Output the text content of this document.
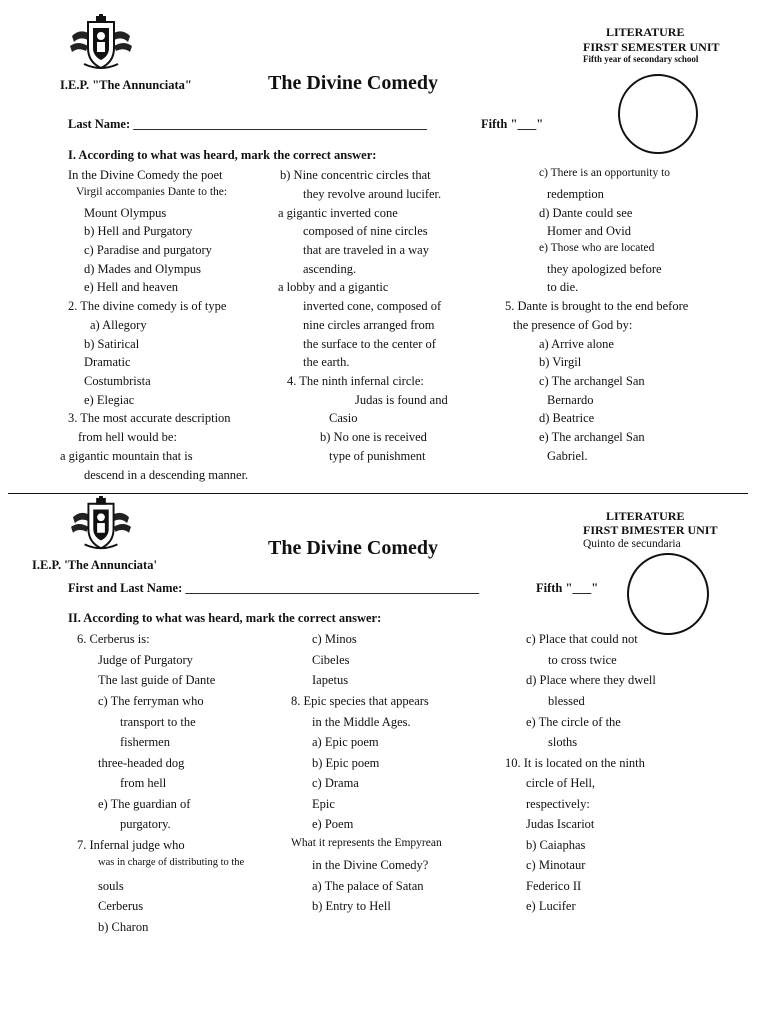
LITERATURE
FIRST SEMESTER UNIT
Fifth year of secondary school
I.E.P. "The Annunciata"	The Divine Comedy
Last Name: _______________________________________________	Fifth "___"
I. According to what was heard, mark the correct answer:
In the Divine Comedy the poet
Virgil accompanies Dante to the:
Mount Olympus
b) Hell and Purgatory
c) Paradise and purgatory
d) Mades and Olympus
e) Hell and heaven
2. The divine comedy is of type
a) Allegory
b) Satirical
Dramatic
Costumbrista
e) Elegiac
3. The most accurate description
from hell would be:
a gigantic mountain that is
descend in a descending manner.
b) Nine concentric circles that
they revolve around lucifer.
a gigantic inverted cone
composed of nine circles
that are traveled in a way
ascending.
a lobby and a gigantic
inverted cone, composed of
nine circles arranged from
the surface to the center of
the earth.
4. The ninth infernal circle:
Judas is found and
Casio
b) No one is received
type of punishment
c) There is an opportunity to
redemption
d) Dante could see
Homer and Ovid
e) Those who are located
they apologized before
to die.
5. Dante is brought to the end before
the presence of God by:
a) Arrive alone
b) Virgil
c) The archangel San
Bernardo
d) Beatrice
e) The archangel San
Gabriel.
LITERATURE
FIRST BIMESTER UNIT
Quinto de secundaria
I.E.P. 'The Annunciata'
The Divine Comedy
First and Last Name: _______________________________________________	Fifth "___"
II. According to what was heard, mark the correct answer:
6. Cerberus is:
Judge of Purgatory
The last guide of Dante
c) The ferryman who
transport to the
fishermen
three-headed dog
from hell
e) The guardian of
purgatory.
7. Infernal judge who
was in charge of distributing to the
souls
Cerberus
b) Charon
c) Minos
Cibeles
Iapetus
8. Epic species that appears
in the Middle Ages.
a) Epic poem
b) Epic poem
c) Drama
Epic
e) Poem
What it represents the Empyrean
in the Divine Comedy?
a) The palace of Satan
b) Entry to Hell
c) Place that could not
to cross twice
d) Place where they dwell
blessed
e) The circle of the
sloths
10. It is located on the ninth
circle of Hell,
respectively:
Judas Iscariot
b) Caiaphas
c) Minotaur
Federico II
e) Lucifer
